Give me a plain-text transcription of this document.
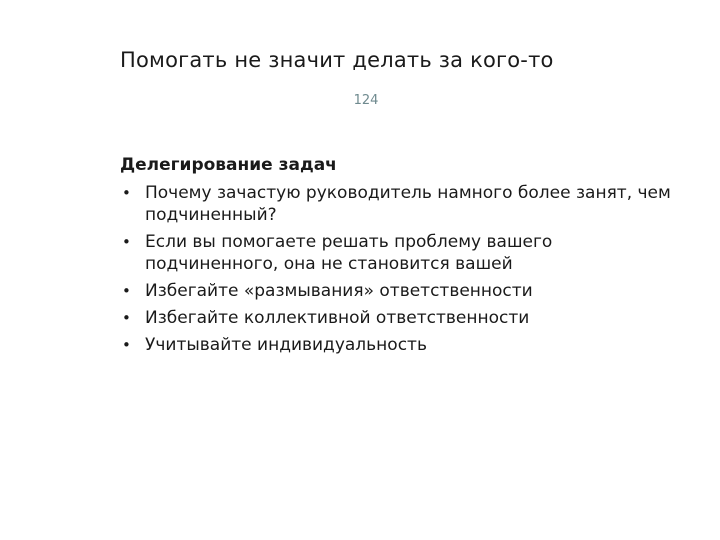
Помогать не значит делать за кого-то
124
Делегирование задач
• Почему зачастую руководитель намного более занят, чем подчиненный?
• Если вы помогаете решать проблему вашего подчиненного, она не становится вашей
• Избегайте «размывания» ответственности
• Избегайте коллективной ответственности
• Учитывайте индивидуальность
